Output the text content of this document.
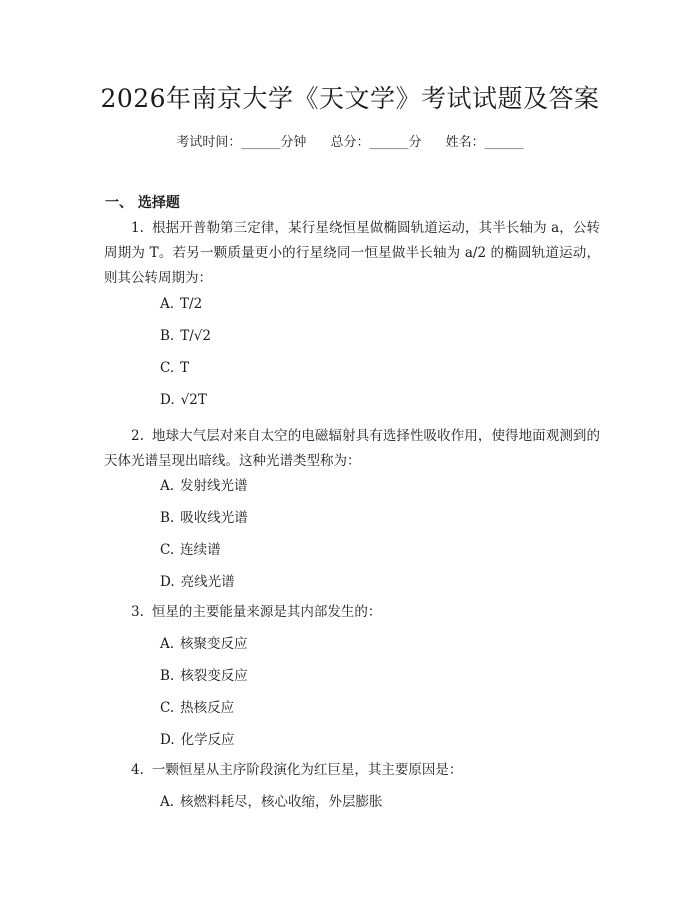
2026年南京大学《天文学》考试试题及答案
考试时间：______分钟 总分：______分 姓名：______
一、 选择题
1. 根据开普勒第三定律，某行星绕恒星做椭圆轨道运动，其半长轴为 a，公转周期为 T。若另一颗质量更小的行星绕同一恒星做半长轴为 a/2 的椭圆轨道运动，则其公转周期为：
A. T/2
B. T/√2
C. T
D. √2T
2. 地球大气层对来自太空的电磁辐射具有选择性吸收作用，使得地面观测到的天体光谱呈现出暗线。这种光谱类型称为：
A. 发射线光谱
B. 吸收线光谱
C. 连续谱
D. 亮线光谱
3. 恒星的主要能量来源是其内部发生的：
A. 核聚变反应
B. 核裂变反应
C. 热核反应
D. 化学反应
4. 一颗恒星从主序阶段演化为红巨星，其主要原因是：
A. 核燃料耗尽，核心收缩，外层膨胀
